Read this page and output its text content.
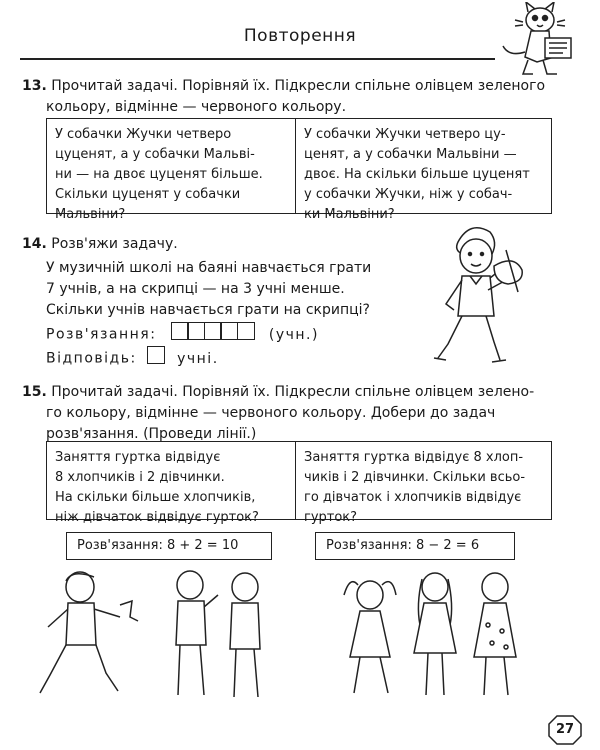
Повторення
13. Прочитай задачі. Порівняй їх. Підкресли спільне олівцем зеленого
кольору, відмінне — червоного кольору.
У собачки Жучки четверо
цуценят, а у собачки Мальві-
ни — на двоє цуценят більше.
Скільки цуценят у собачки
Мальвіни?
У собачки Жучки четверо цу-
ценят, а у собачки Мальвіни —
двоє. На скільки більше цуценят
у собачки Жучки, ніж у собач-
ки Мальвіни?
14. Розв'яжи задачу.
У музичній школі на баяні навчається грати
7 учнів, а на скрипці — на 3 учні менше.
Скільки учнів навчається грати на скрипці?
Розв'язання:	(учн.)
Відповідь:	учні.
15. Прочитай задачі. Порівняй їх. Підкресли спільне олівцем зелено-
го кольору, відмінне — червоного кольору. Добери до задач
розв'язання. (Проведи лінії.)
Заняття гуртка відвідує
8 хлопчиків і 2 дівчинки.
На скільки більше хлопчиків,
ніж дівчаток відвідує гурток?
Заняття гуртка відвідує 8 хлоп-
чиків і 2 дівчинки. Скільки всьо-
го дівчаток і хлопчиків відвідує
гурток?
Розв'язання: 8 + 2 = 10	Розв'язання: 8 − 2 = 6
27
